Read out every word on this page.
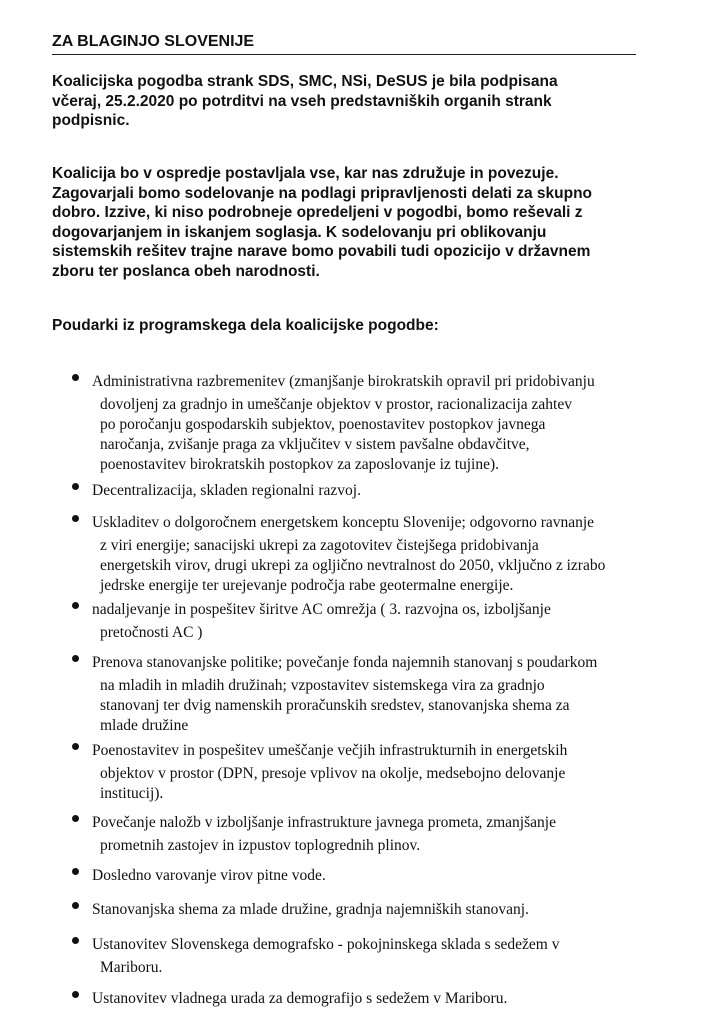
ZA BLAGINJO SLOVENIJE
Koalicijska pogodba strank SDS, SMC, NSi, DeSUS je bila podpisana
včeraj, 25.2.2020 po potrditvi na vseh predstavniških organih strank
podpisnic.
Koalicija bo v ospredje postavljala vse, kar nas združuje in povezuje.
Zagovarjali bomo sodelovanje na podlagi pripravljenosti delati za skupno
dobro. Izzive, ki niso podrobneje opredeljeni v pogodbi, bomo reševali z
dogovarjanjem in iskanjem soglasja. K sodelovanju pri oblikovanju
sistemskih rešitev trajne narave bomo povabili tudi opozicijo v državnem
zboru ter poslanca obeh narodnosti.
Poudarki iz programskega dela koalicijske pogodbe:
Administrativna razbremenitev (zmanjšanje birokratskih opravil pri pridobivanju
dovoljenj za gradnjo in umeščanje objektov v prostor, racionalizacija zahtev
po poročanju gospodarskih subjektov, poenostavitev postopkov javnega
naročanja, zvišanje praga za vključitev v sistem pavšalne obdavčitve,
poenostavitev birokratskih postopkov za zaposlovanje iz tujine).
Decentralizacija, skladen regionalni razvoj.
Uskladitev o dolgoročnem energetskem konceptu Slovenije; odgovorno ravnanje
z viri energije; sanacijski ukrepi za zagotovitev čistejšega pridobivanja
energetskih virov, drugi ukrepi za ogljično nevtralnost do 2050, vključno z izrabo
jedrske energije ter urejevanje področja rabe geotermalne energije.
nadaljevanje in pospešitev širitve AC omrežja ( 3. razvojna os, izboljšanje
pretočnosti AC )
Prenova stanovanjske politike; povečanje fonda najemnih stanovanj s poudarkom
na mladih in mladih družinah; vzpostavitev sistemskega vira za gradnjo
stanovanj ter dvig namenskih proračunskih sredstev, stanovanjska shema za
mlade družine
Poenostavitev in pospešitev umeščanje večjih infrastrukturnih in energetskih
objektov v prostor (DPN, presoje vplivov na okolje, medsebojno delovanje
institucij).
Povečanje naložb v izboljšanje infrastrukture javnega prometa, zmanjšanje
prometnih zastojev in izpustov toplogrednih plinov.
Dosledno varovanje virov pitne vode.
Stanovanjska shema za mlade družine, gradnja najemniških stanovanj.
Ustanovitev Slovenskega demografsko - pokojninskega sklada s sedežem v
Mariboru.
Ustanovitev vladnega urada za demografijo s sedežem v Mariboru.
